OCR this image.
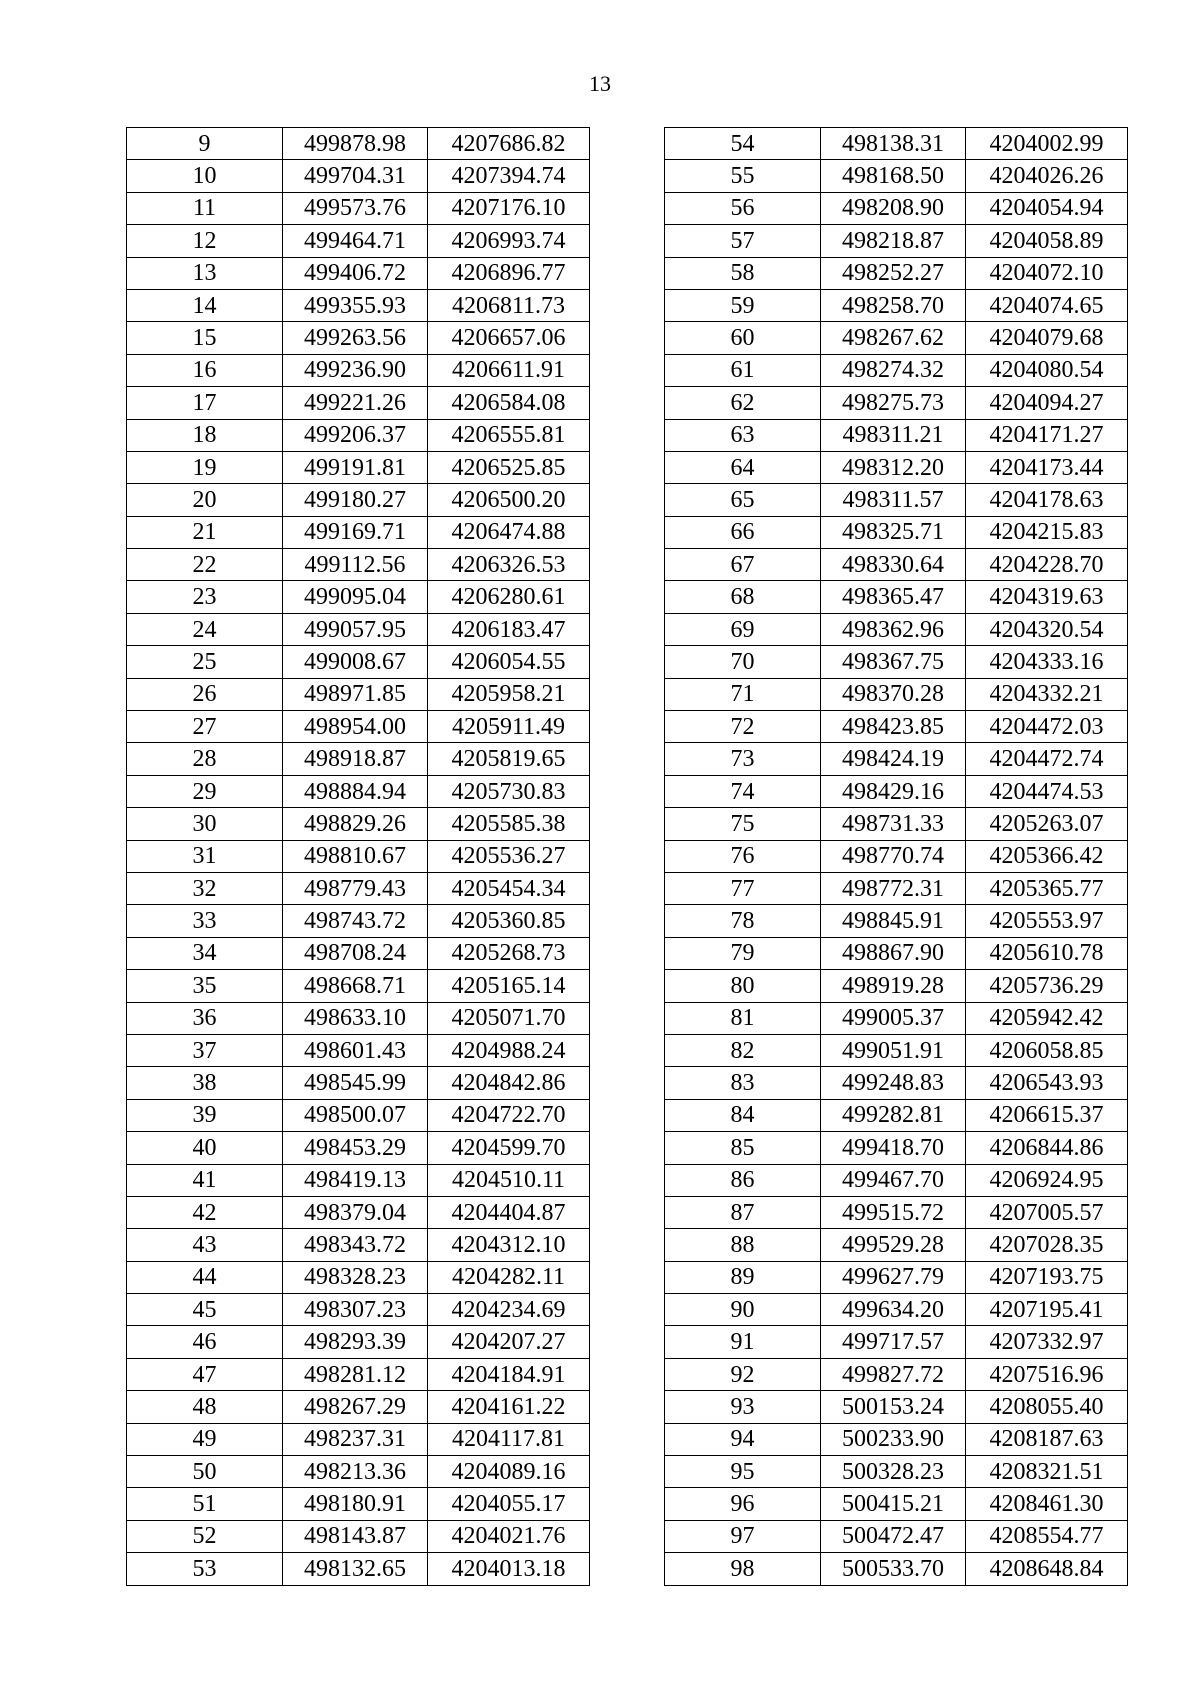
13
9	499878.98	4207686.82
10	499704.31	4207394.74
11	499573.76	4207176.10
12	499464.71	4206993.74
13	499406.72	4206896.77
14	499355.93	4206811.73
15	499263.56	4206657.06
16	499236.90	4206611.91
17	499221.26	4206584.08
18	499206.37	4206555.81
19	499191.81	4206525.85
20	499180.27	4206500.20
21	499169.71	4206474.88
22	499112.56	4206326.53
23	499095.04	4206280.61
24	499057.95	4206183.47
25	499008.67	4206054.55
26	498971.85	4205958.21
27	498954.00	4205911.49
28	498918.87	4205819.65
29	498884.94	4205730.83
30	498829.26	4205585.38
31	498810.67	4205536.27
32	498779.43	4205454.34
33	498743.72	4205360.85
34	498708.24	4205268.73
35	498668.71	4205165.14
36	498633.10	4205071.70
37	498601.43	4204988.24
38	498545.99	4204842.86
39	498500.07	4204722.70
40	498453.29	4204599.70
41	498419.13	4204510.11
42	498379.04	4204404.87
43	498343.72	4204312.10
44	498328.23	4204282.11
45	498307.23	4204234.69
46	498293.39	4204207.27
47	498281.12	4204184.91
48	498267.29	4204161.22
49	498237.31	4204117.81
50	498213.36	4204089.16
51	498180.91	4204055.17
52	498143.87	4204021.76
53	498132.65	4204013.18
54	498138.31	4204002.99
55	498168.50	4204026.26
56	498208.90	4204054.94
57	498218.87	4204058.89
58	498252.27	4204072.10
59	498258.70	4204074.65
60	498267.62	4204079.68
61	498274.32	4204080.54
62	498275.73	4204094.27
63	498311.21	4204171.27
64	498312.20	4204173.44
65	498311.57	4204178.63
66	498325.71	4204215.83
67	498330.64	4204228.70
68	498365.47	4204319.63
69	498362.96	4204320.54
70	498367.75	4204333.16
71	498370.28	4204332.21
72	498423.85	4204472.03
73	498424.19	4204472.74
74	498429.16	4204474.53
75	498731.33	4205263.07
76	498770.74	4205366.42
77	498772.31	4205365.77
78	498845.91	4205553.97
79	498867.90	4205610.78
80	498919.28	4205736.29
81	499005.37	4205942.42
82	499051.91	4206058.85
83	499248.83	4206543.93
84	499282.81	4206615.37
85	499418.70	4206844.86
86	499467.70	4206924.95
87	499515.72	4207005.57
88	499529.28	4207028.35
89	499627.79	4207193.75
90	499634.20	4207195.41
91	499717.57	4207332.97
92	499827.72	4207516.96
93	500153.24	4208055.40
94	500233.90	4208187.63
95	500328.23	4208321.51
96	500415.21	4208461.30
97	500472.47	4208554.77
98	500533.70	4208648.84
